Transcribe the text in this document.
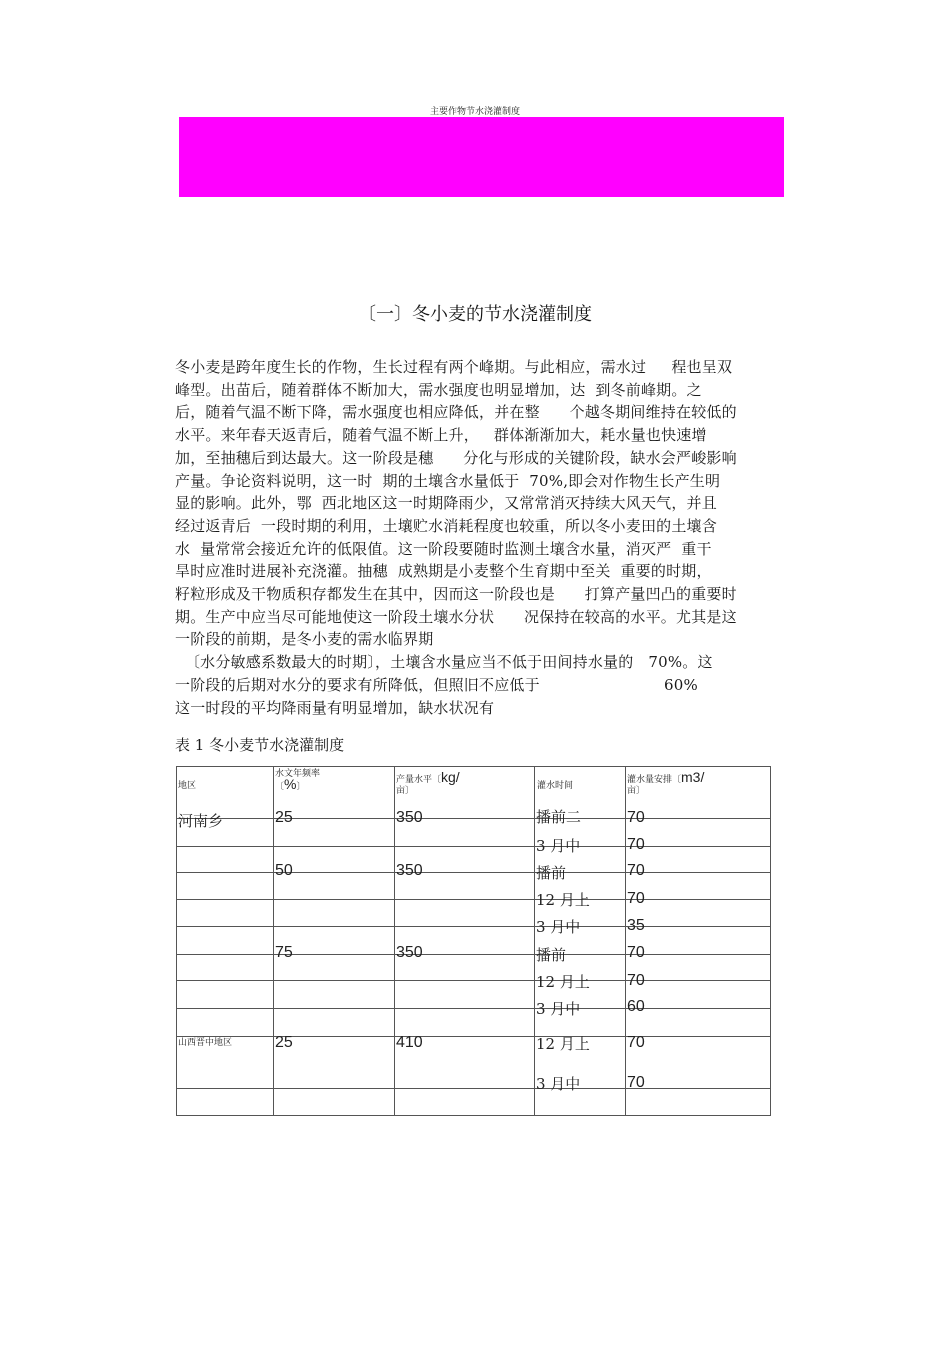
主要作物节水浇灌制度
〔一〕冬小麦的节水浇灌制度
冬小麦是跨年度生长的作物，生长过程有两个峰期。与此相应，需水过　  程也呈双
峰型。出苗后，随着群体不断加大，需水强度也明显增加，达  到冬前峰期。之
后，随着气温不断下降，需水强度也相应降低，并在整      个越冬期间维持在较低的
水平。来年春天返青后，随着气温不断上升，   群体渐渐加大，耗水量也快速增
加，至抽穗后到达最大。这一阶段是穗      分化与形成的关键阶段，缺水会严峻影响
产量。争论资料说明，这一时  期的土壤含水量低于  70%,即会对作物生长产生明
显的影响。此外，鄂  西北地区这一时期降雨少，又常常消灭持续大风天气，并且
经过返青后  一段时期的利用，土壤贮水消耗程度也较重，所以冬小麦田的土壤含
水  量常常会接近允许的低限值。这一阶段要随时监测土壤含水量，消灭严  重干
旱时应准时进展补充浇灌。抽穗  成熟期是小麦整个生育期中至关  重要的时期，
籽粒形成及干物质积存都发生在其中，因而这一阶段也是      打算产量凹凸的重要时
期。生产中应当尽可能地使这一阶段土壤水分状      况保持在较高的水平。尤其是这
一阶段的前期，是冬小麦的需水临界期
〔水分敏感系数最大的时期〕，土壤含水量应当不低于田间持水量的   70%。这
一阶段的后期对水分的要求有所降低，但照旧不应低于                         60%
这一时段的平均降雨量有明显增加，缺水状况有
表 1 冬小麦节水浇灌制度
地区
水文年频率
〔%〕
产量水平〔kg/
亩〕	灌水时间
灌水量安排〔m3/
亩〕
河南乡
山西晋中地区
25
50
75
25
350
350
350
410
播前二
3 月中
播前
12 月上
3 月中
播前
12 月上
3 月中
12 月上
3 月中
70
70
70
70
35
70
70
60
70
70
